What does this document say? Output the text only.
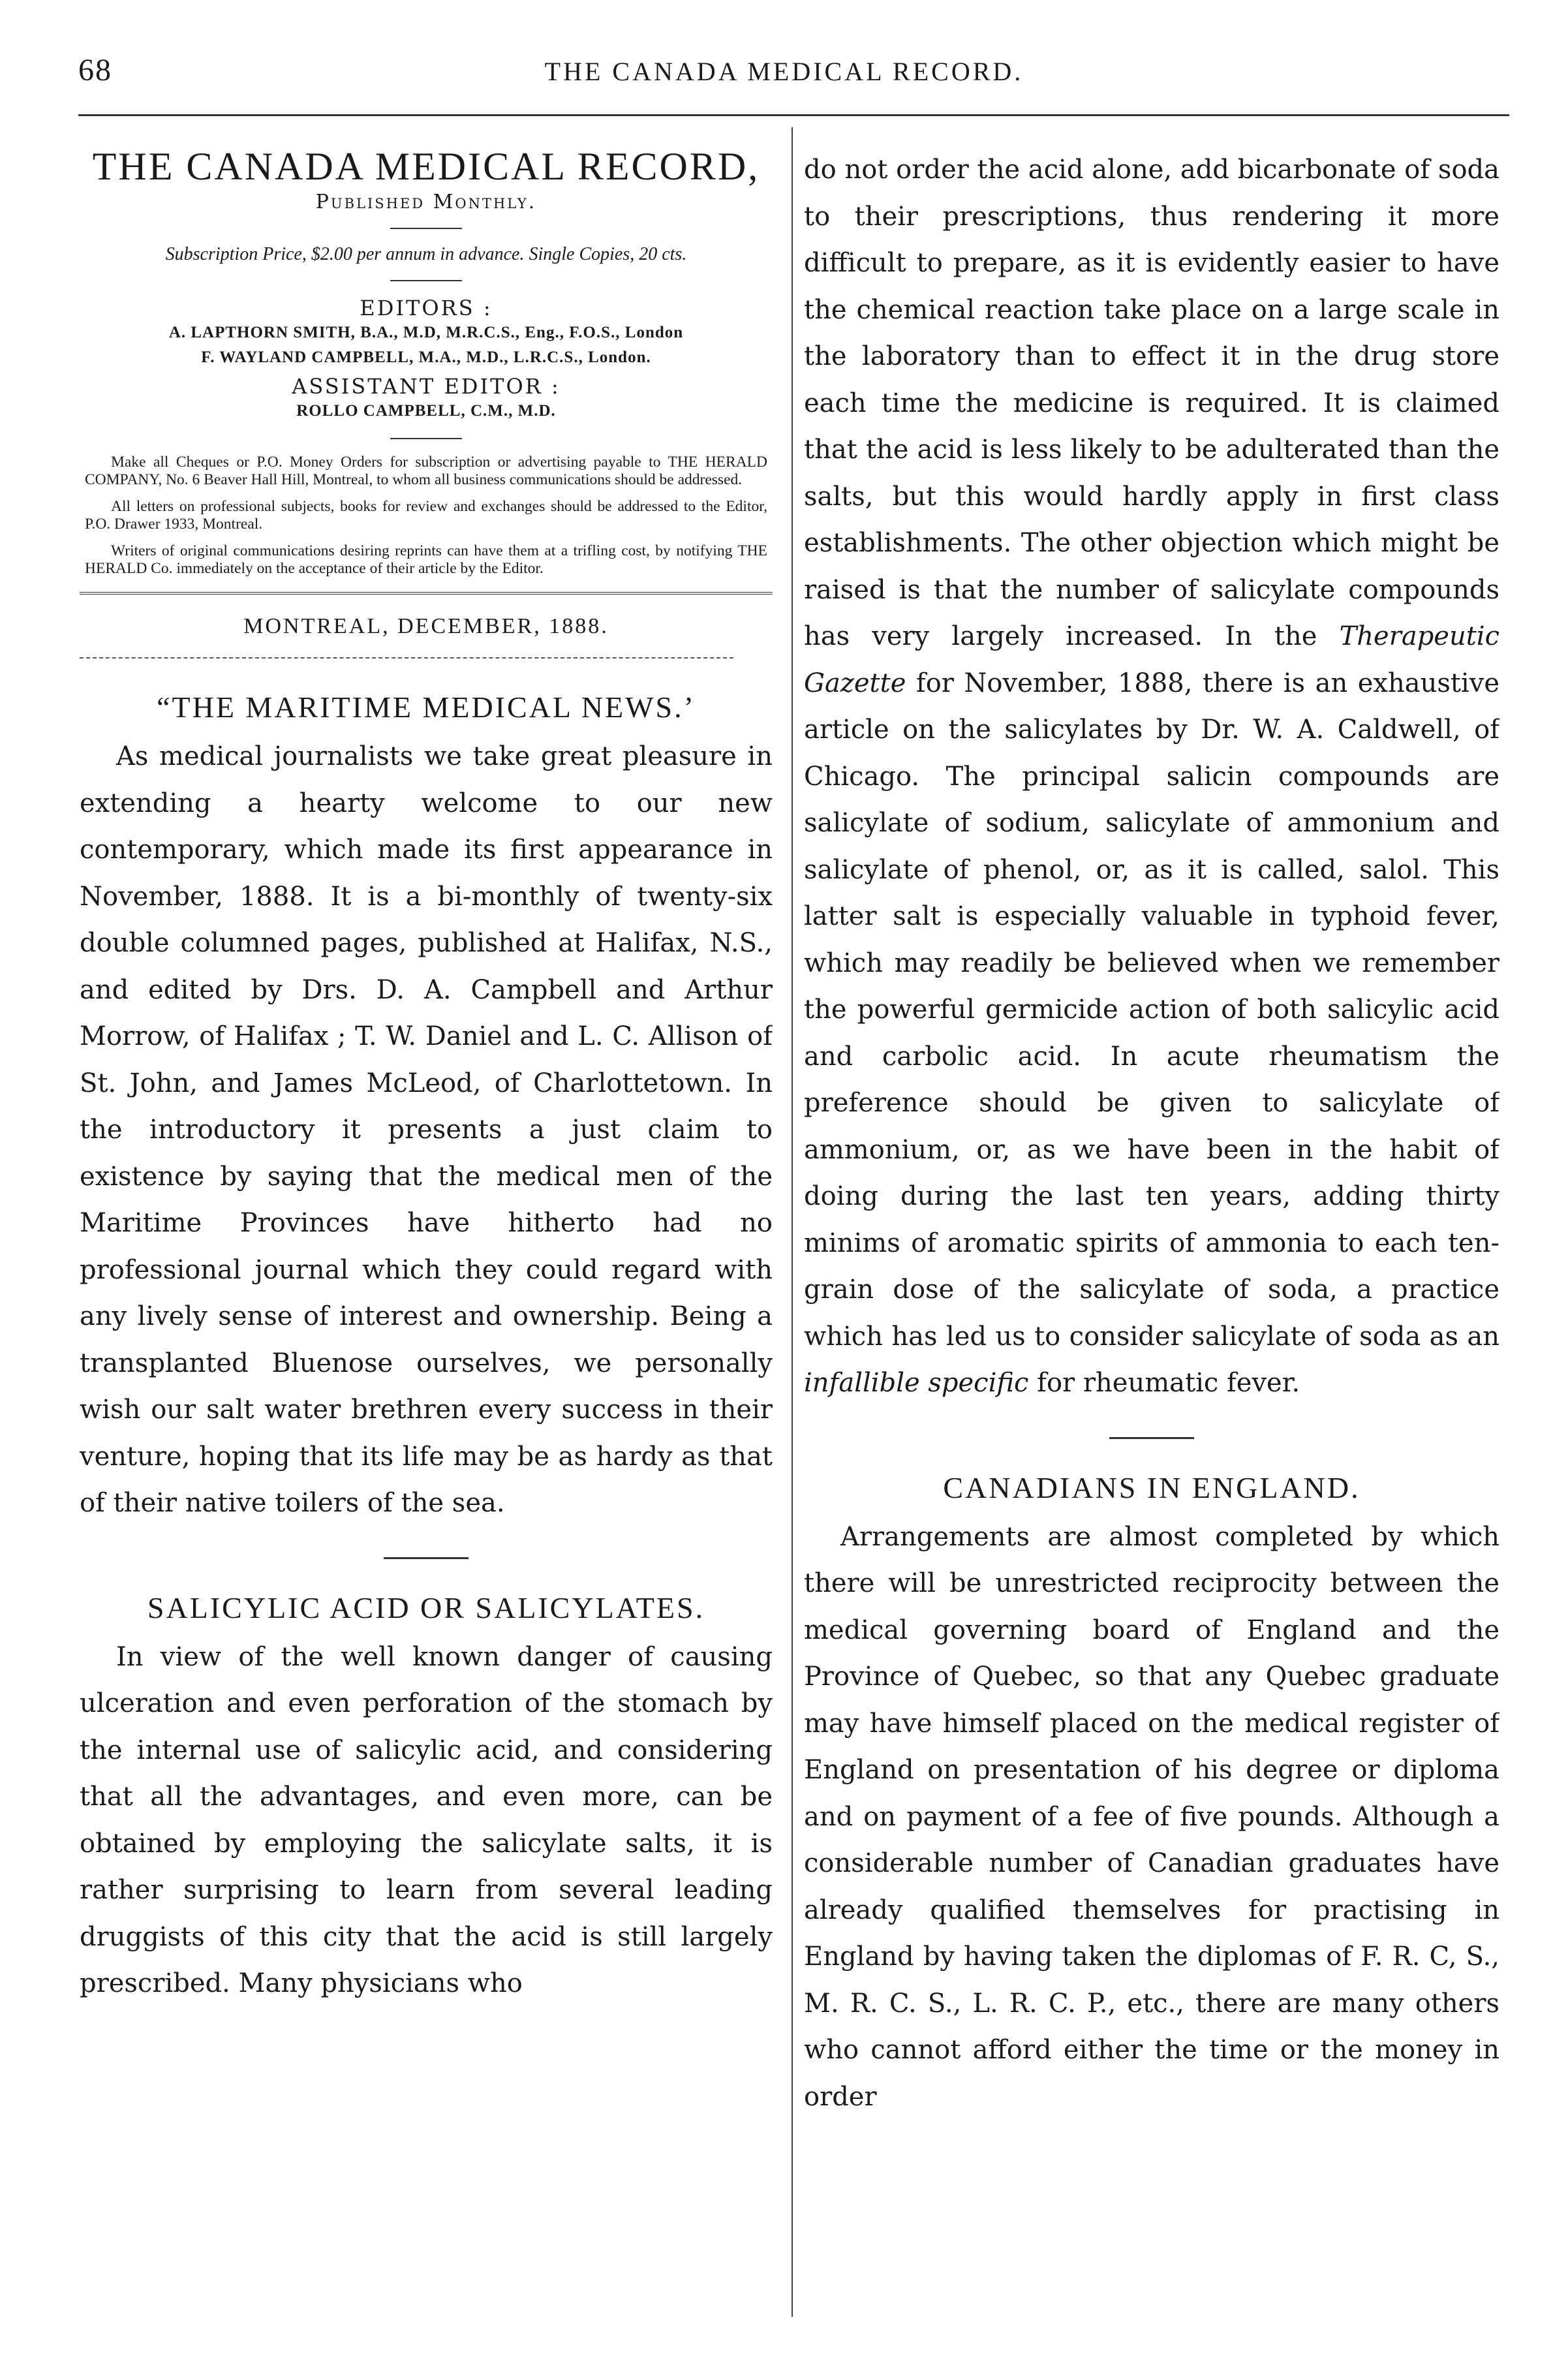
68	THE CANADA MEDICAL RECORD.
THE CANADA MEDICAL RECORD,
Published Monthly.
Subscription Price, $2.00 per annum in advance. Single Copies, 20 cts.
EDITORS :
A. LAPTHORN SMITH, B.A., M.D, M.R.C.S., Eng., F.O.S., London
F. WAYLAND CAMPBELL, M.A., M.D., L.R.C.S., London.
ASSISTANT EDITOR :
ROLLO CAMPBELL, C.M., M.D.

Make all Cheques or P.O. Money Orders for subscription or advertising payable to THE HERALD COMPANY, No. 6 Beaver Hall Hill, Montreal, to whom all business communications should be addressed.

All letters on professional subjects, books for review and exchanges should be addressed to the Editor, P.O. Drawer 1933, Montreal.

Writers of original communications desiring reprints can have them at a trifling cost, by notifying THE HERALD Co. immediately on the acceptance of their article by the Editor.

MONTREAL, DECEMBER, 1888.
“THE MARITIME MEDICAL NEWS.’

As medical journalists we take great pleasure in extending a hearty welcome to our new contemporary, which made its first appearance in November, 1888. It is a bi-monthly of twenty-six double columned pages, published at Halifax, N.S., and edited by Drs. D. A. Campbell and Arthur Morrow, of Halifax ; T. W. Daniel and L. C. Allison of St. John, and James McLeod, of Charlottetown. In the introductory it presents a just claim to existence by saying that the medical men of the Maritime Provinces have hitherto had no professional journal which they could regard with any lively sense of interest and ownership. Being a transplanted Bluenose ourselves, we personally wish our salt water brethren every success in their venture, hoping that its life may be as hardy as that of their native toilers of the sea.

SALICYLIC ACID OR SALICYLATES.

In view of the well known danger of causing ulceration and even perforation of the stomach by the internal use of salicylic acid, and considering that all the advantages, and even more, can be obtained by employing the salicylate salts, it is rather surprising to learn from several leading druggists of this city that the acid is still largely prescribed. Many physicians who

do not order the acid alone, add bicarbonate of soda to their prescriptions, thus rendering it more difficult to prepare, as it is evidently easier to have the chemical reaction take place on a large scale in the laboratory than to effect it in the drug store each time the medicine is required. It is claimed that the acid is less likely to be adulterated than the salts, but this would hardly apply in first class establishments. The other objection which might be raised is that the number of salicylate compounds has very largely increased. In the Therapeutic Gazette for November, 1888, there is an exhaustive article on the salicylates by Dr. W. A. Caldwell, of Chicago. The principal salicin compounds are salicylate of sodium, salicylate of ammonium and salicylate of phenol, or, as it is called, salol. This latter salt is especially valuable in typhoid fever, which may readily be believed when we remember the powerful germicide action of both salicylic acid and carbolic acid. In acute rheumatism the preference should be given to salicylate of ammonium, or, as we have been in the habit of doing during the last ten years, adding thirty minims of aromatic spirits of ammonia to each ten-grain dose of the salicylate of soda, a practice which has led us to consider salicylate of soda as an infallible specific for rheumatic fever.

CANADIANS IN ENGLAND.

Arrangements are almost completed by which there will be unrestricted reciprocity between the medical governing board of England and the Province of Quebec, so that any Quebec graduate may have himself placed on the medical register of England on presentation of his degree or diploma and on payment of a fee of five pounds. Although a considerable number of Canadian graduates have already qualified themselves for practising in England by having taken the diplomas of F. R. C, S., M. R. C. S., L. R. C. P., etc., there are many others who cannot afford either the time or the money in order
